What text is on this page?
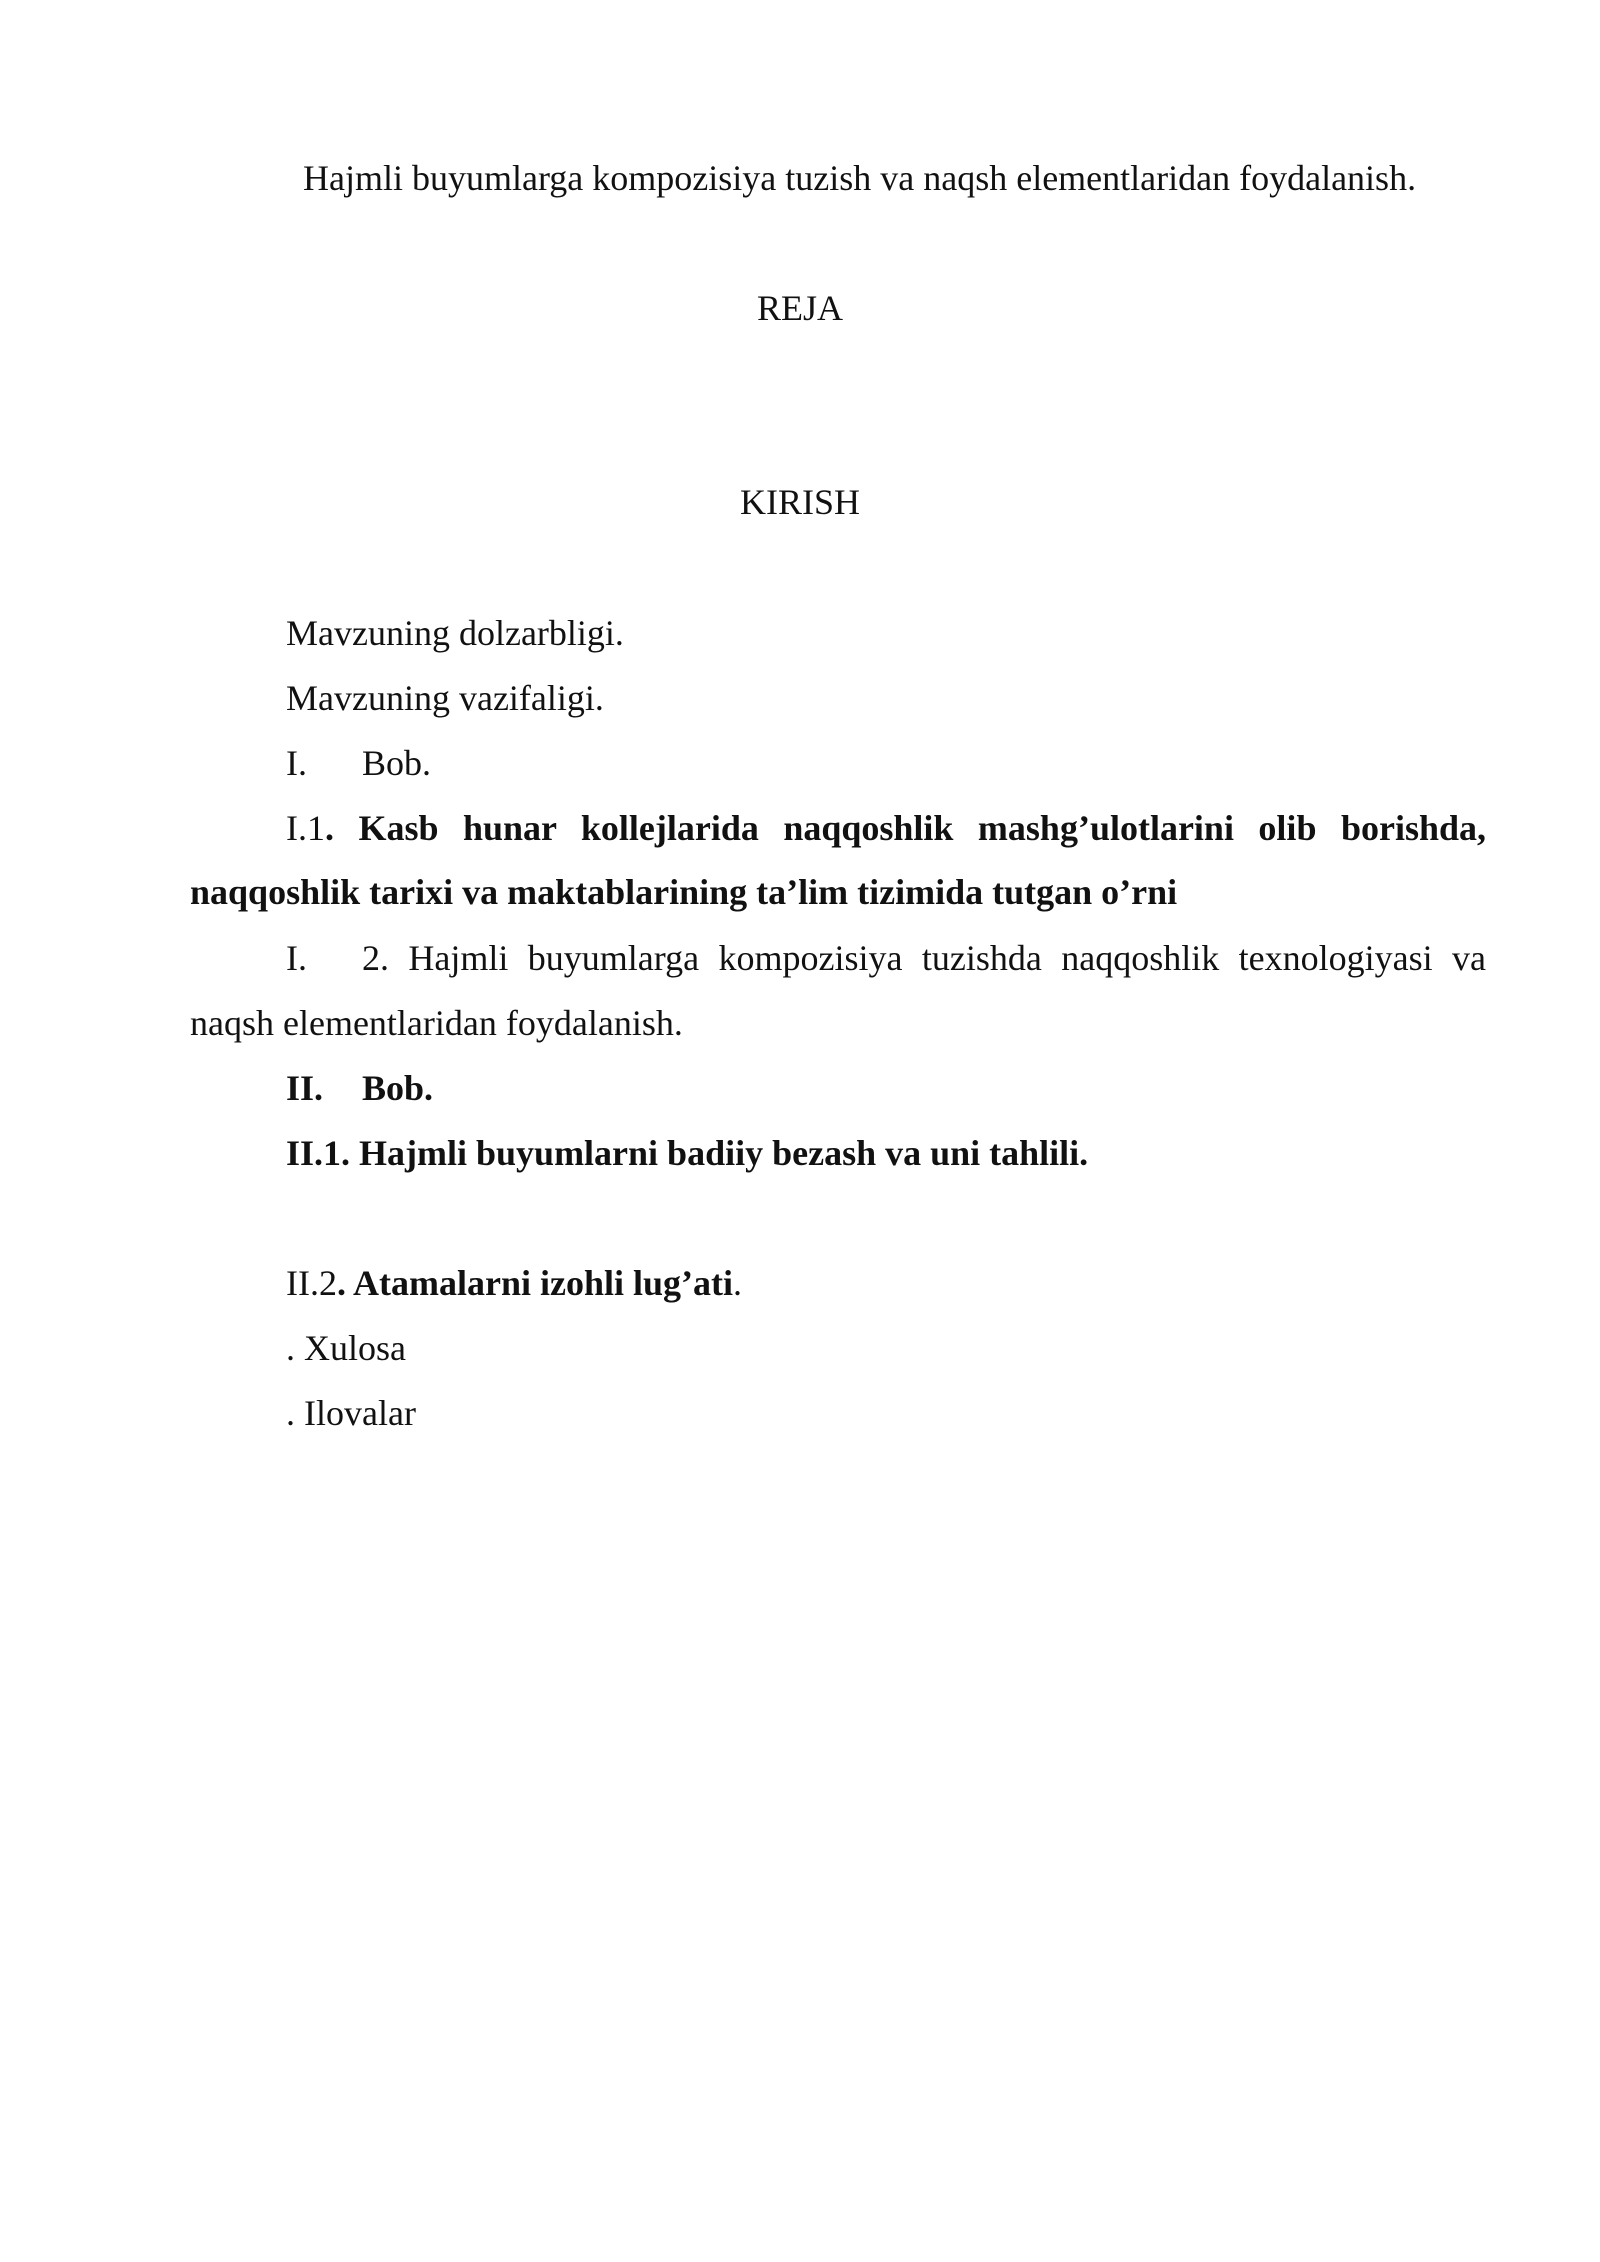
Hajmli buyumlarga kompozisiya tuzish va naqsh elementlaridan foydalanish.
REJA
KIRISH
Mavzuning dolzarbligi.
Mavzuning vazifaligi.
I. Bob.
I.1. Kasb hunar kollejlarida naqqoshlik mashg’ulotlarini olib borishda,
naqqoshlik tarixi va maktablarining ta’lim tizimida tutgan o’rni
I.	2. Hajmli buyumlarga kompozisiya tuzishda naqqoshlik texnologiyasi va
naqsh elementlaridan foydalanish.
II. Bob.
II.1. Hajmli buyumlarni badiiy bezash va uni tahlili.
II.2. Atamalarni izohli lug’ati.
. Xulosa
. Ilovalar
